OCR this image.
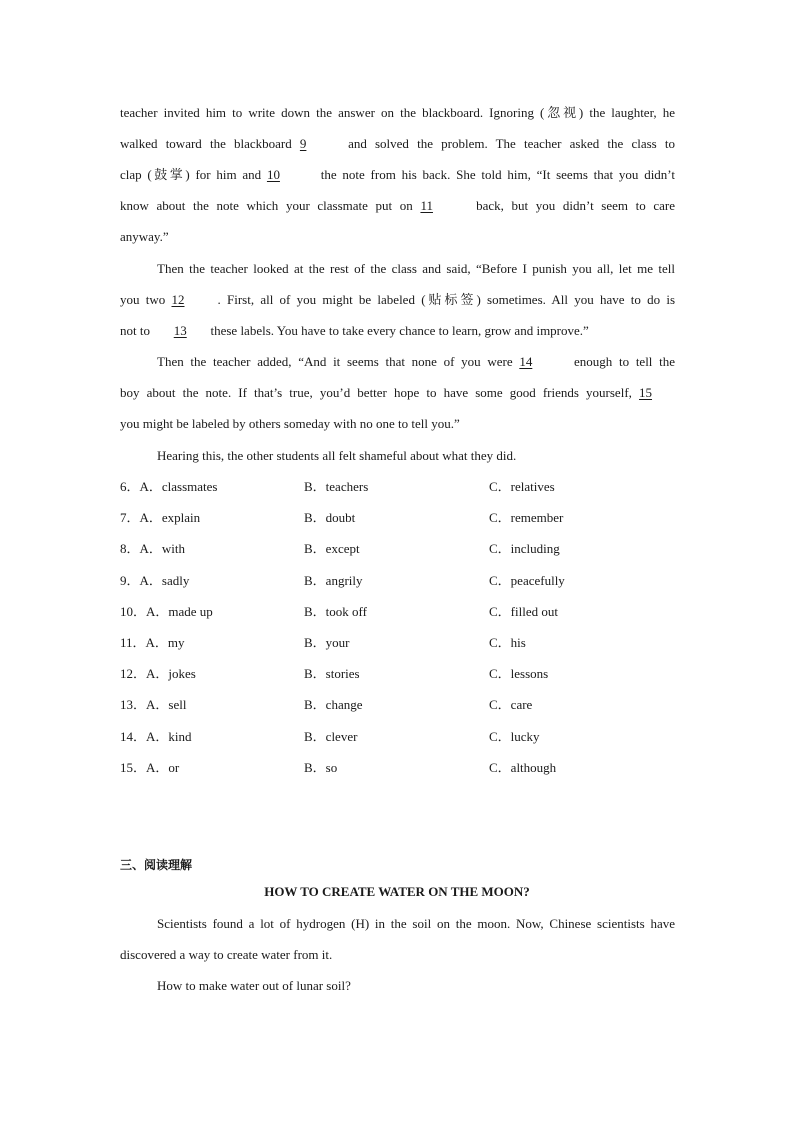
teacher invited him to write down the answer on the blackboard. Ignoring (忽视) the laughter, he
walked toward the blackboard 9	and solved the problem. The teacher asked the class to
clap (鼓掌) for him and 10	the note from his back. She told him, “It seems that you didn’t
know about the note which your classmate put on 11	back, but you didn’t seem to care
anyway.”
Then the teacher looked at the rest of the class and said, “Before I punish you all, let me tell
you two 12	. First, all of you might be labeled (贴标签) sometimes. All you have to do is
not to 13 these labels. You have to take every chance to learn, grow and improve.”
Then the teacher added, “And it seems that none of you were 14	enough to tell the
boy about the note. If that’s true, you’d better hope to have some good friends yourself, 15
you might be labeled by others someday with no one to tell you.”
Hearing this, the other students all felt shameful about what they did.
6．A．classmates	B．teachers	C．relatives
7．A．explain	B．doubt	C．remember
8．A．with	B．except	C．including
9．A．sadly	B．angrily	C．peacefully
10．A．made up	B．took off	C．filled out
11．A．my	B．your	C．his
12．A．jokes	B．stories	C．lessons
13．A．sell	B．change	C．care
14．A．kind	B．clever	C．lucky
15．A．or	B．so	C．although
三、阅读理解
HOW TO CREATE WATER ON THE MOON?
Scientists found a lot of hydrogen (H) in the soil on the moon. Now, Chinese scientists have
discovered a way to create water from it.
How to make water out of lunar soil?
